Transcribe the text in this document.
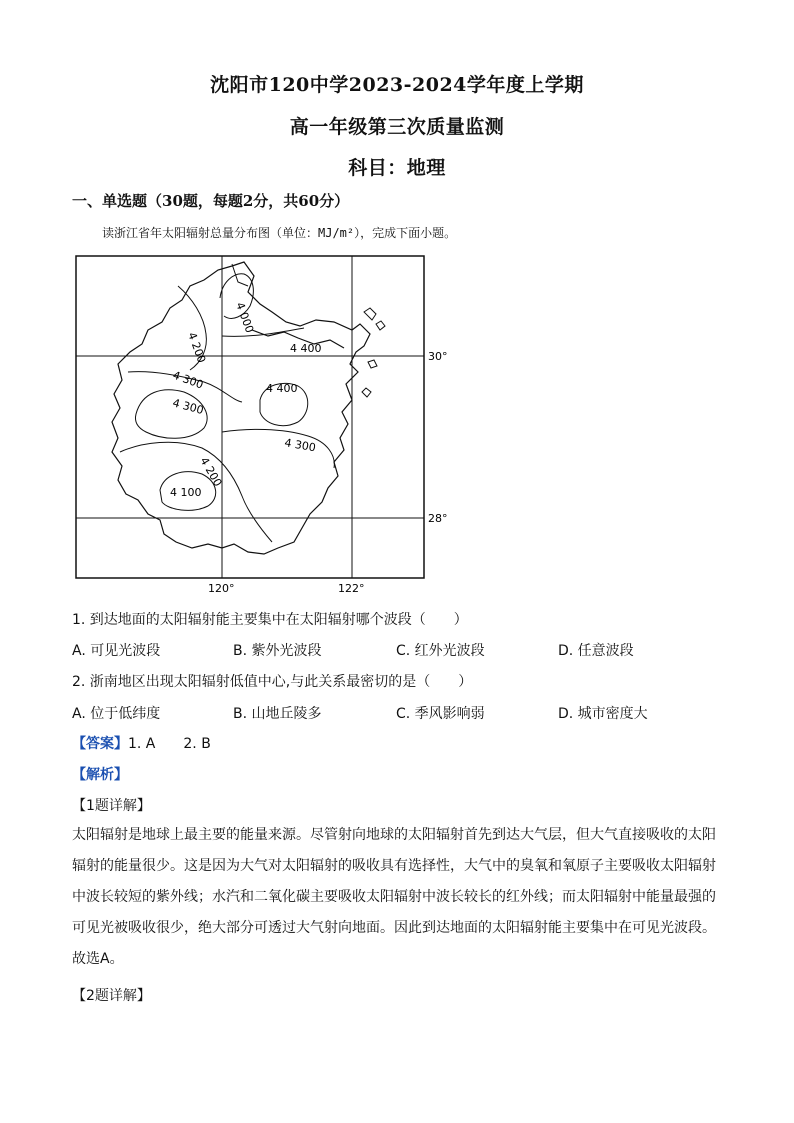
沈阳市120中学2023-2024学年度上学期
高一年级第三次质量监测
科目：地理
一、单选题（30题，每题2分，共60分）
读浙江省年太阳辐射总量分布图（单位：MJ/m²），完成下面小题。
4 000
4 200	4 400
4 300
4 300
4 400
4 300
4 200
4 100
30°
28°
120°	122°
1. 到达地面的太阳辐射能主要集中在太阳辐射哪个波段（　　）
A. 可见光波段	B. 紫外光波段	C. 红外光波段	D. 任意波段
2. 浙南地区出现太阳辐射低值中心,与此关系最密切的是（　　）
A. 位于低纬度	B. 山地丘陵多	C. 季风影响弱	D. 城市密度大
【答案】1. A　　2. B
【解析】
【1题详解】
太阳辐射是地球上最主要的能量来源。尽管射向地球的太阳辐射首先到达大气层，但大气直接吸收的太阳
辐射的能量很少。这是因为大气对太阳辐射的吸收具有选择性，大气中的臭氧和氧原子主要吸收太阳辐射
中波长较短的紫外线；水汽和二氧化碳主要吸收太阳辐射中波长较长的红外线；而太阳辐射中能量最强的
可见光被吸收很少，绝大部分可透过大气射向地面。因此到达地面的太阳辐射能主要集中在可见光波段。
故选A。
【2题详解】
